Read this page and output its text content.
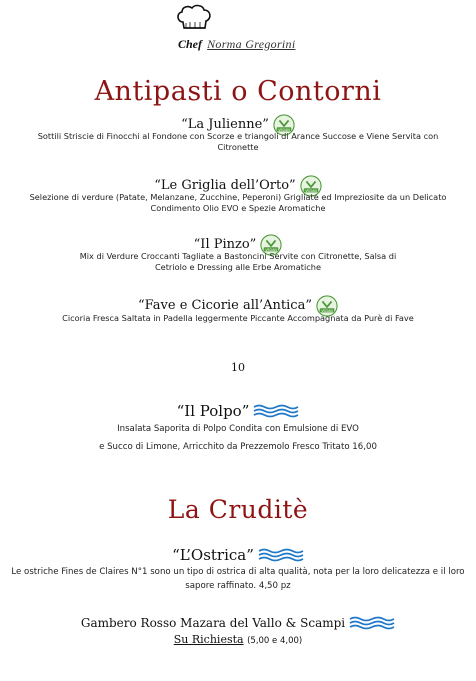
Chef Norma Gregorini
Antipasti o Contorni
“La Julienne”	VEGAN
Sottili Striscie di Finocchi al Fondone con Scorze e triangoli di Arance Succose e Viene Servita con Citronette
“Le Griglia dell’Orto”	VEGAN
Selezione di verdure (Patate, Melanzane, Zucchine, Peperoni) Grigliate ed Impreziosite da un Delicato Condimento Olio EVO e Spezie Aromatiche
“Il Pinzo”	VEGAN
Mix di Verdure Croccanti Tagliate a Bastoncini Servite con Citronette, Salsa di Cetriolo e Dressing alle Erbe Aromatiche
“Fave e Cicorie all’Antica”	VEGAN
Cicoria Fresca Saltata in Padella leggermente Piccante Accompagnata da Purè di Fave
10
“Il Polpo”
Insalata Saporita di Polpo Condita con Emulsione di EVO
e Succo di Limone, Arricchito da Prezzemolo Fresco Tritato 16,00
La Cruditè
“L’Ostrica”
Le ostriche Fines de Claires N°1 sono un tipo di ostrica di alta qualità, nota per la loro delicatezza e il loro sapore raffinato. 4,50 pz
Gambero Rosso Mazara del Vallo & Scampi
Su Richiesta (5,00 e 4,00)
